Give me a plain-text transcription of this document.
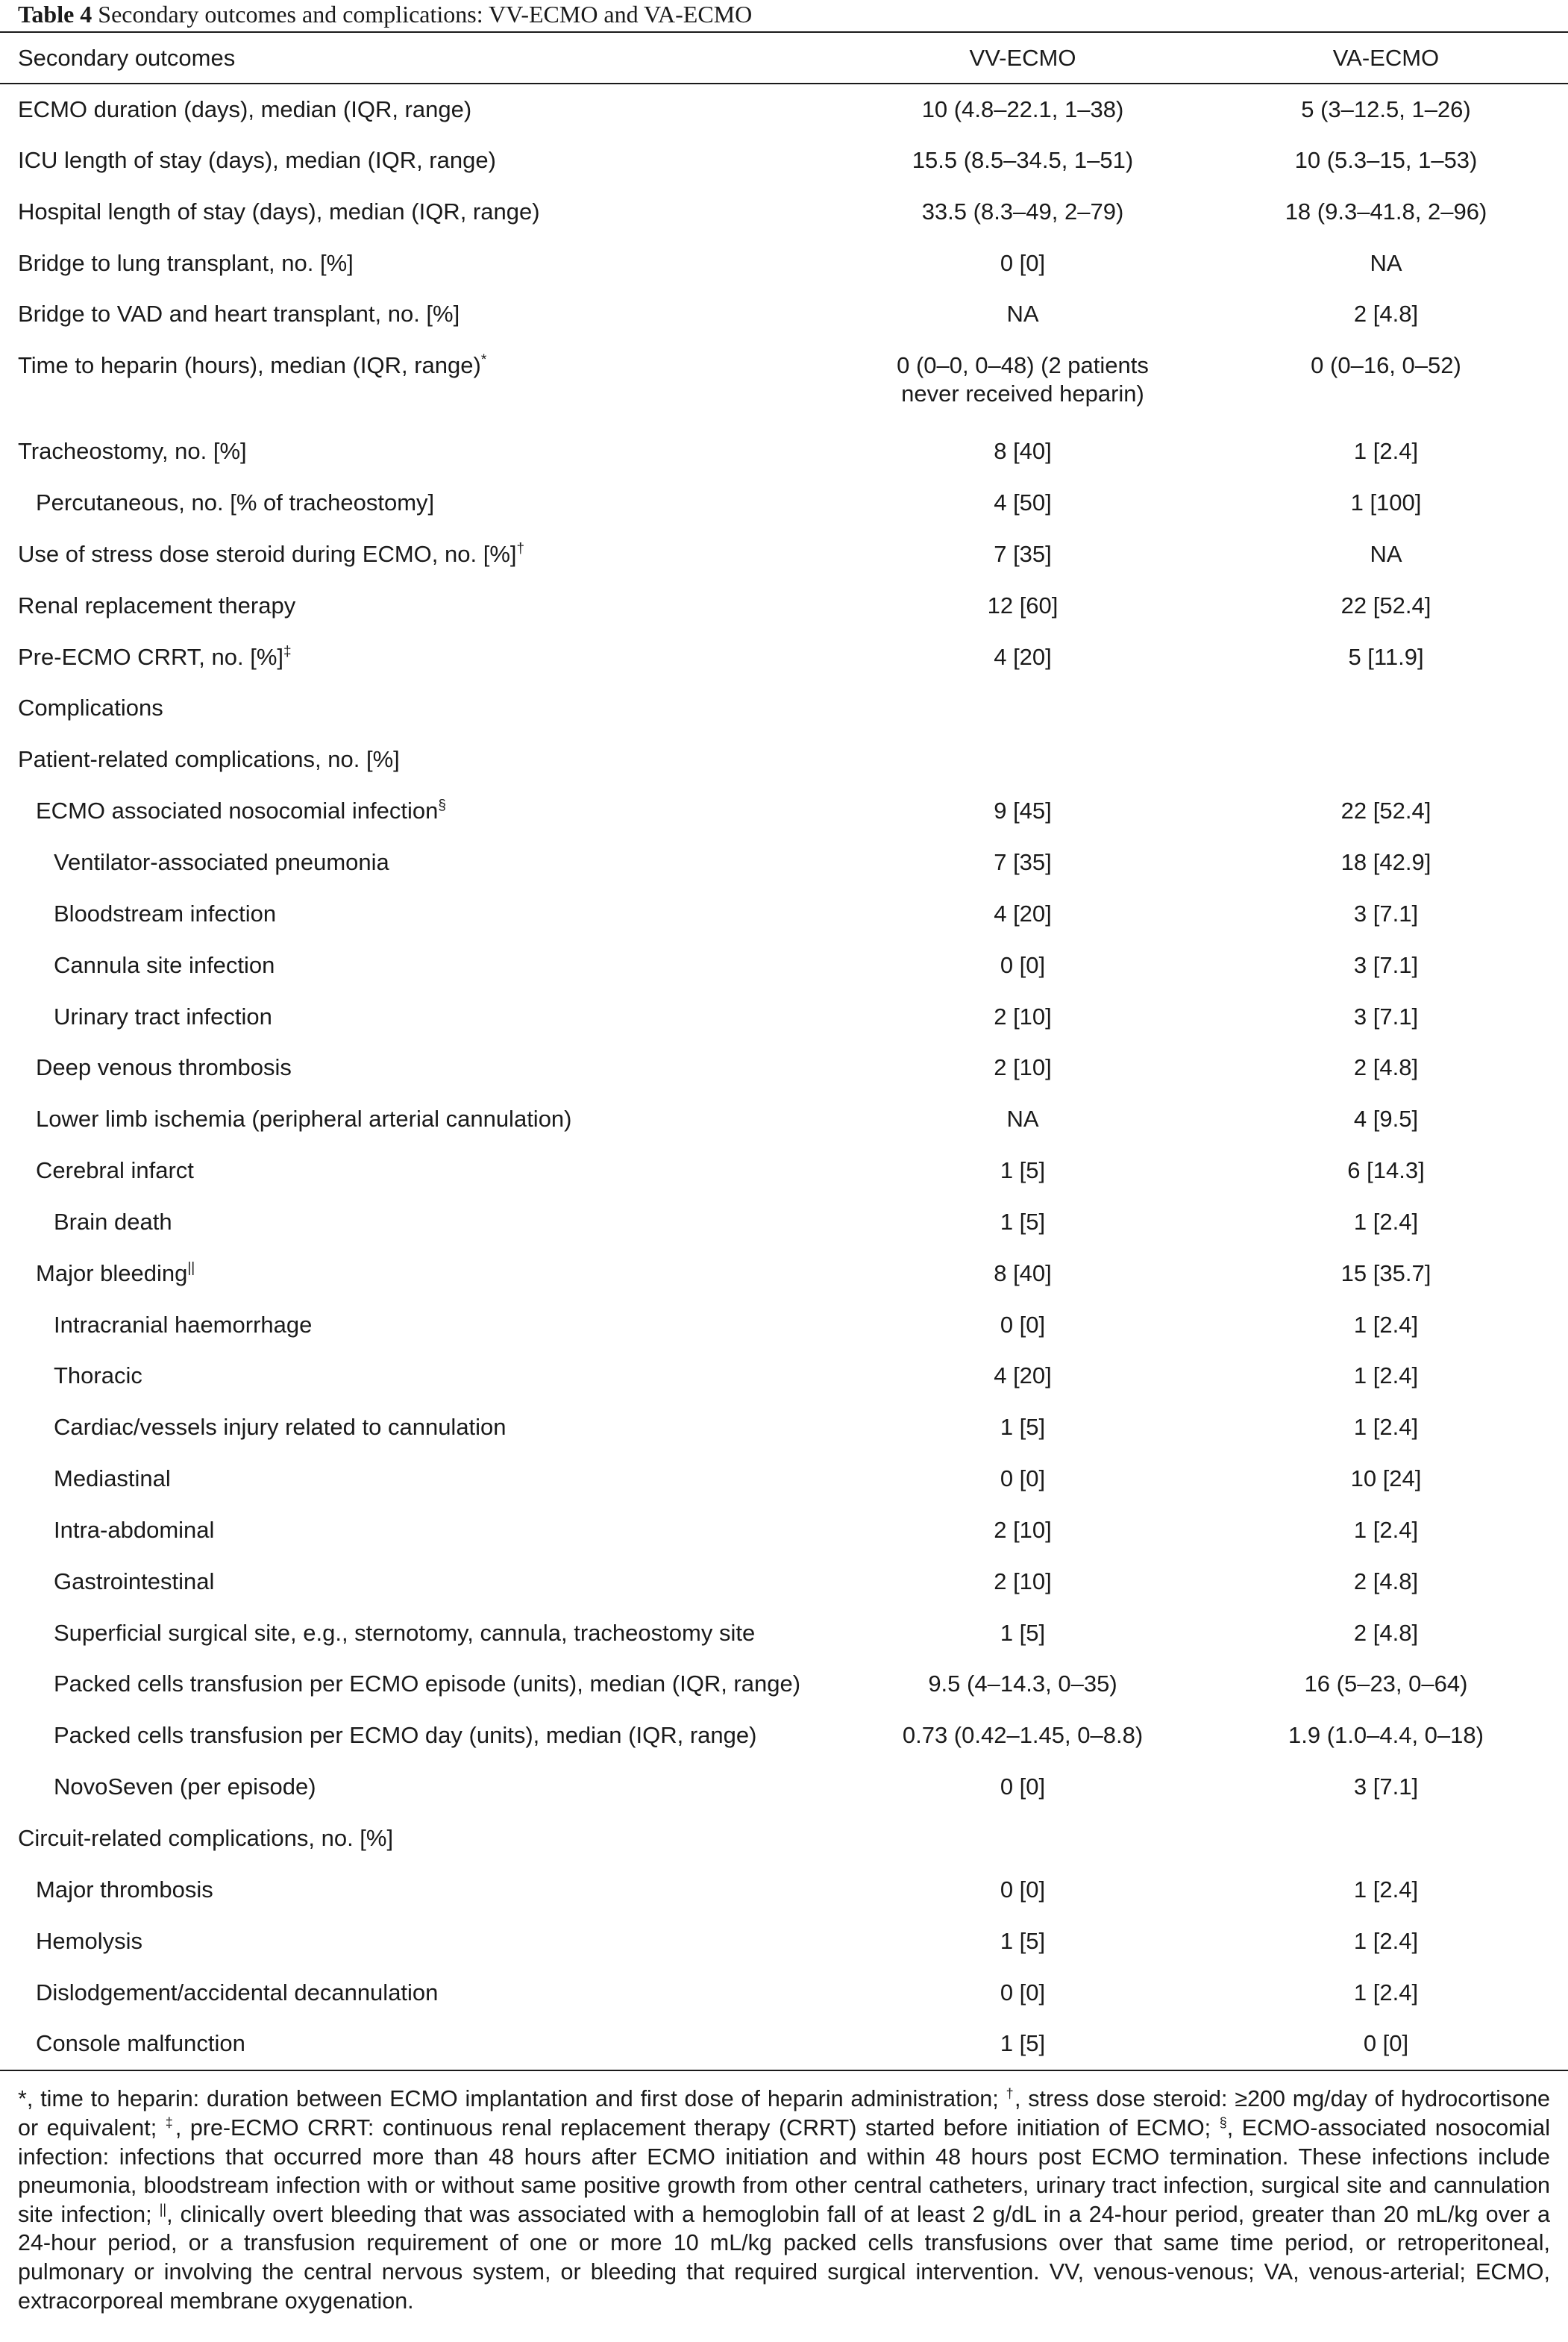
Table 4 Secondary outcomes and complications: VV-ECMO and VA-ECMO
Secondary outcomes	VV-ECMO	VA-ECMO
ECMO duration (days), median (IQR, range)	10 (4.8–22.1, 1–38)	5 (3–12.5, 1–26)
ICU length of stay (days), median (IQR, range)	15.5 (8.5–34.5, 1–51)	10 (5.3–15, 1–53)
Hospital length of stay (days), median (IQR, range)	33.5 (8.3–49, 2–79)	18 (9.3–41.8, 2–96)
Bridge to lung transplant, no. [%]	0 [0]	NA
Bridge to VAD and heart transplant, no. [%]	NA	2 [4.8]
Time to heparin (hours), median (IQR, range)*	0 (0–0, 0–48) (2 patients never received heparin)	0 (0–16, 0–52)
Tracheostomy, no. [%]	8 [40]	1 [2.4]
Percutaneous, no. [% of tracheostomy]	4 [50]	1 [100]
Use of stress dose steroid during ECMO, no. [%]†	7 [35]	NA
Renal replacement therapy	12 [60]	22 [52.4]
Pre-ECMO CRRT, no. [%]‡	4 [20]	5 [11.9]
Complications		
Patient-related complications, no. [%]		
ECMO associated nosocomial infection§	9 [45]	22 [52.4]
Ventilator-associated pneumonia	7 [35]	18 [42.9]
Bloodstream infection	4 [20]	3 [7.1]
Cannula site infection	0 [0]	3 [7.1]
Urinary tract infection	2 [10]	3 [7.1]
Deep venous thrombosis	2 [10]	2 [4.8]
Lower limb ischemia (peripheral arterial cannulation)	NA	4 [9.5]
Cerebral infarct	1 [5]	6 [14.3]
Brain death	1 [5]	1 [2.4]
Major bleeding||	8 [40]	15 [35.7]
Intracranial haemorrhage	0 [0]	1 [2.4]
Thoracic	4 [20]	1 [2.4]
Cardiac/vessels injury related to cannulation	1 [5]	1 [2.4]
Mediastinal	0 [0]	10 [24]
Intra-abdominal	2 [10]	1 [2.4]
Gastrointestinal	2 [10]	2 [4.8]
Superficial surgical site, e.g., sternotomy, cannula, tracheostomy site	1 [5]	2 [4.8]
Packed cells transfusion per ECMO episode (units), median (IQR, range)	9.5 (4–14.3, 0–35)	16 (5–23, 0–64)
Packed cells transfusion per ECMO day (units), median (IQR, range)	0.73 (0.42–1.45, 0–8.8)	1.9 (1.0–4.4, 0–18)
NovoSeven (per episode)	0 [0]	3 [7.1]
Circuit-related complications, no. [%]		
Major thrombosis	0 [0]	1 [2.4]
Hemolysis	1 [5]	1 [2.4]
Dislodgement/accidental decannulation	0 [0]	1 [2.4]
Console malfunction	1 [5]	0 [0]
*, time to heparin: duration between ECMO implantation and first dose of heparin administration; †, stress dose steroid: ≥200 mg/day of hydrocortisone or equivalent; ‡, pre-ECMO CRRT: continuous renal replacement therapy (CRRT) started before initiation of ECMO; §, ECMO-associated nosocomial infection: infections that occurred more than 48 hours after ECMO initiation and within 48 hours post ECMO termination. These infections include pneumonia, bloodstream infection with or without same positive growth from other central catheters, urinary tract infection, surgical site and cannulation site infection; ||, clinically overt bleeding that was associated with a hemoglobin fall of at least 2 g/dL in a 24-hour period, greater than 20 mL/kg over a 24-hour period, or a transfusion requirement of one or more 10 mL/kg packed cells transfusions over that same time period, or retroperitoneal, pulmonary or involving the central nervous system, or bleeding that required surgical intervention. VV, venous-venous; VA, venous-arterial; ECMO, extracorporeal membrane oxygenation.
